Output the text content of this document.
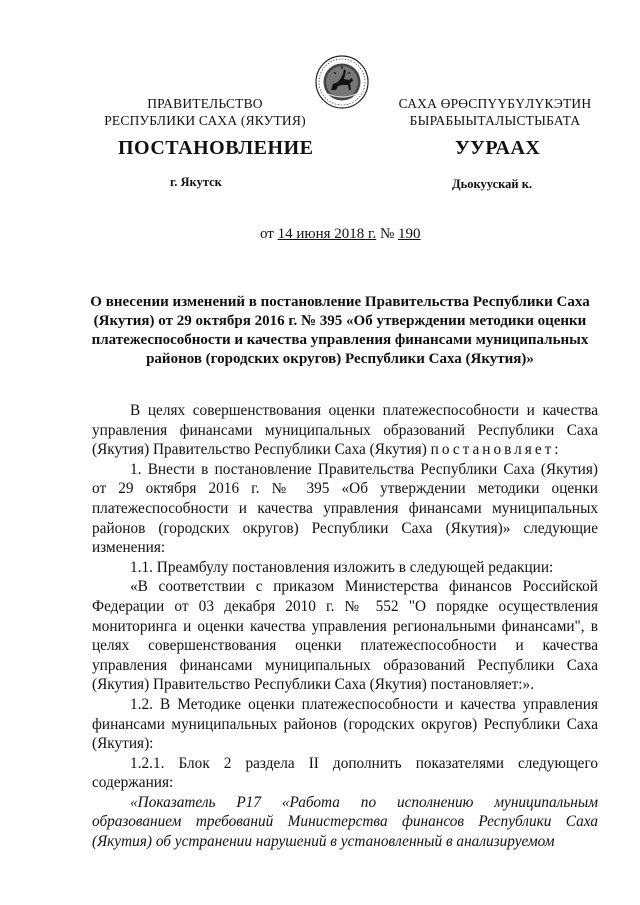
ПРАВИТЕЛЬСТВО
РЕСПУБЛИКИ САХА (ЯКУТИЯ)
САХА ӨРӨСПҮҮБҮЛҮКЭТИН
БЫРАБЫЫТАЛЫСТЫБАТА
ПОСТАНОВЛЕНИЕ	УУРААХ
г. Якутск	Дьокуускай к.
от 14 июня 2018 г. № 190
О внесении изменений в постановление Правительства Республики Саха
(Якутия) от 29 октября 2016 г. № 395 «Об утверждении методики оценки
платежеспособности и качества управления финансами муниципальных
районов (городских округов) Республики Саха (Якутия)»

В целях совершенствования оценки платежеспособности и качества управления финансами муниципальных образований Республики Саха (Якутия) Правительство Республики Саха (Якутия) постановляет:

1. Внести в постановление Правительства Республики Саха (Якутия) от 29 октября 2016 г. № 395 «Об утверждении методики оценки платежеспособности и качества управления финансами муниципальных районов (городских округов) Республики Саха (Якутия)» следующие изменения:

1.1. Преамбулу постановления изложить в следующей редакции:

«В соответствии с приказом Министерства финансов Российской Федерации от 03 декабря 2010 г. № 552 "О порядке осуществления мониторинга и оценки качества управления региональными финансами", в целях совершенствования оценки платежеспособности и качества управления финансами муниципальных образований Республики Саха (Якутия) Правительство Республики Саха (Якутия) постановляет:».

1.2. В Методике оценки платежеспособности и качества управления финансами муниципальных районов (городских округов) Республики Саха (Якутия):

1.2.1. Блок 2 раздела II дополнить показателями следующего содержания:

«Показатель Р17 «Работа по исполнению муниципальным образованием требований Министерства финансов Республики Саха (Якутия) об устранении нарушений в установленный в анализируемом
